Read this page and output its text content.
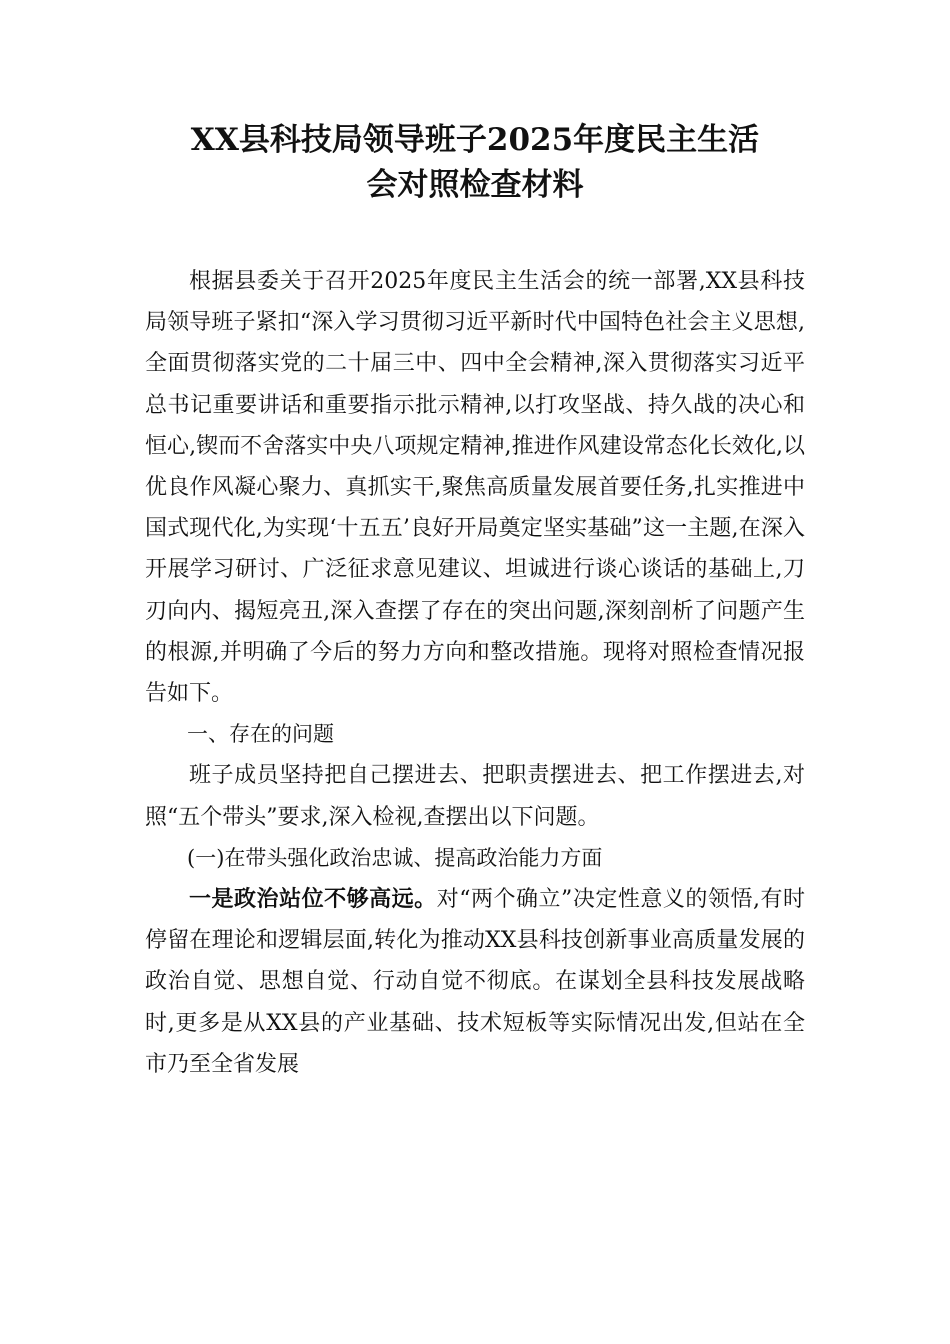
XX县科技局领导班子2025年度民主生活
会对照检查材料

根据县委关于召开2025年度民主生活会的统一部署,XX县科技局领导班子紧扣“深入学习贯彻习近平新时代中国特色社会主义思想,全面贯彻落实党的二十届三中、四中全会精神,深入贯彻落实习近平总书记重要讲话和重要指示批示精神,以打攻坚战、持久战的决心和恒心,锲而不舍落实中央八项规定精神,推进作风建设常态化长效化,以优良作风凝心聚力、真抓实干,聚焦高质量发展首要任务,扎实推进中国式现代化,为实现‘十五五’良好开局奠定坚实基础”这一主题,在深入开展学习研讨、广泛征求意见建议、坦诚进行谈心谈话的基础上,刀刃向内、揭短亮丑,深入查摆了存在的突出问题,深刻剖析了问题产生的根源,并明确了今后的努力方向和整改措施。现将对照检查情况报告如下。

一、存在的问题

班子成员坚持把自己摆进去、把职责摆进去、把工作摆进去,对照“五个带头”要求,深入检视,查摆出以下问题。

(一)在带头强化政治忠诚、提高政治能力方面

一是政治站位不够高远。对“两个确立”决定性意义的领悟,有时停留在理论和逻辑层面,转化为推动XX县科技创新事业高质量发展的政治自觉、思想自觉、行动自觉不彻底。在谋划全县科技发展战略时,更多是从XX县的产业基础、技术短板等实际情况出发,但站在全市乃至全省发展
